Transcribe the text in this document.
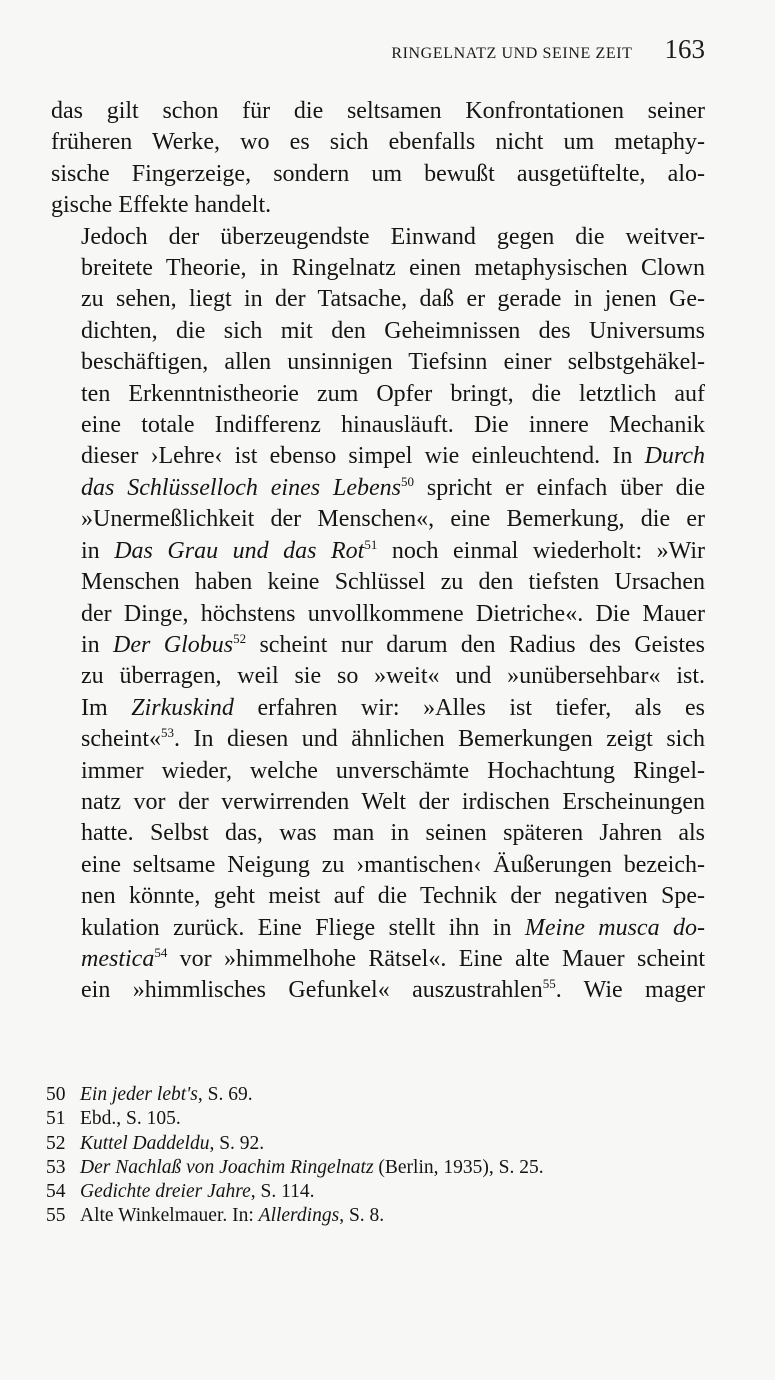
RINGELNATZ UND SEINE ZEIT 163

das gilt schon für die seltsamen Konfrontationen seiner
früheren Werke, wo es sich ebenfalls nicht um metaphy-
sische Fingerzeige, sondern um bewußt ausgetüftelte, alo-
gische Effekte handelt.

Jedoch der überzeugendste Einwand gegen die weitver-
breitete Theorie, in Ringelnatz einen metaphysischen Clown
zu sehen, liegt in der Tatsache, daß er gerade in jenen Ge-
dichten, die sich mit den Geheimnissen des Universums
beschäftigen, allen unsinnigen Tiefsinn einer selbstgehäkel-
ten Erkenntnistheorie zum Opfer bringt, die letztlich auf
eine totale Indifferenz hinausläuft. Die innere Mechanik
dieser ›Lehre‹ ist ebenso simpel wie einleuchtend. In Durch
das Schlüsselloch eines Lebens$^{50}$ spricht er einfach über die
»Unermeßlichkeit der Menschen«, eine Bemerkung, die er
in Das Grau und das Rot$^{51}$ noch einmal wiederholt: »Wir
Menschen haben keine Schlüssel zu den tiefsten Ursachen
der Dinge, höchstens unvollkommene Dietriche«. Die Mauer
in Der Globus$^{52}$ scheint nur darum den Radius des Geistes
zu überragen, weil sie so »weit« und »unübersehbar« ist.
Im Zirkuskind erfahren wir: »Alles ist tiefer, als es
scheint«$^{53}$. In diesen und ähnlichen Bemerkungen zeigt sich
immer wieder, welche unverschämte Hochachtung Ringel-
natz vor der verwirrenden Welt der irdischen Erscheinungen
hatte. Selbst das, was man in seinen späteren Jahren als
eine seltsame Neigung zu ›mantischen‹ Äußerungen bezeich-
nen könnte, geht meist auf die Technik der negativen Spe-
kulation zurück. Eine Fliege stellt ihn in Meine musca do-
mestica$^{54}$ vor »himmelhohe Rätsel«. Eine alte Mauer scheint
ein »himmlisches Gefunkel« auszustrahlen$^{55}$. Wie mager

50 Ein jeder lebt's, S. 69.
51 Ebd., S. 105.
52 Kuttel Daddeldu, S. 92.
53 Der Nachlaß von Joachim Ringelnatz (Berlin, 1935), S. 25.
54 Gedichte dreier Jahre, S. 114.
55 Alte Winkelmauer. In: Allerdings, S. 8.
